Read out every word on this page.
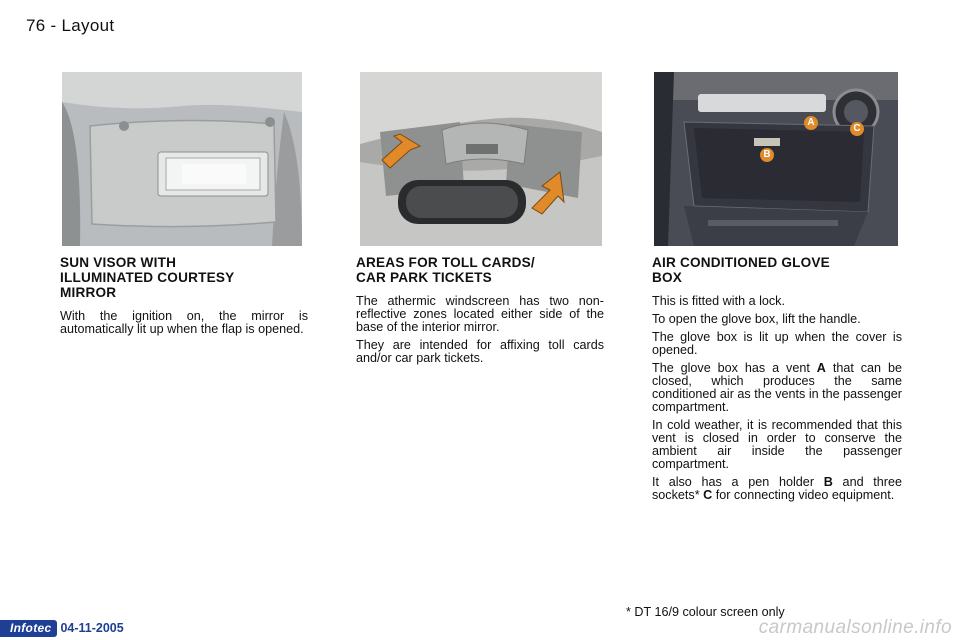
76 - Layout
A
B
C
SUN VISOR WITH
ILLUMINATED COURTESY
MIRROR

With the ignition on, the mirror is automatically lit up when the flap is opened.

AREAS FOR TOLL CARDS/
CAR PARK TICKETS

The athermic windscreen has two non-reflective zones located either side of the base of the interior mirror.

They are intended for affixing toll cards and/or car park tickets.

AIR CONDITIONED GLOVE
BOX

This is fitted with a lock.

To open the glove box, lift the handle.

The glove box is lit up when the cover is opened.

The glove box has a vent A that can be closed, which produces the same conditioned air as the vents in the passenger compartment.

In cold weather, it is recommended that this vent is closed in order to conserve the ambient air inside the passenger compartment.

It also has a pen holder B and three sockets* C for connecting video equipment.

* DT 16/9 colour screen only
Infotec 04-11-2005	carmanualsonline.info
